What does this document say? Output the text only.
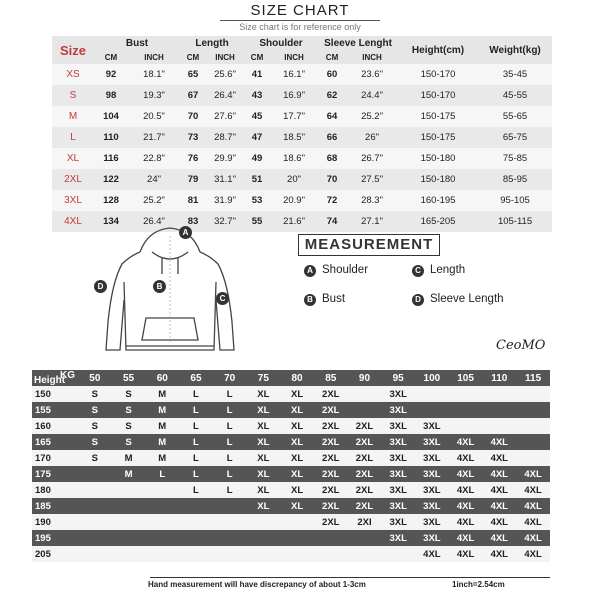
SIZE CHART
Size chart is for reference only
Size	Bust		Length		Shoulder		Sleeve Lenght		Height(cm)	Weight(kg)
	CM	INCH	CM	INCH	CM	INCH	CM	INCH		
XS	92	18.1"	65	25.6"	41	16.1"	60	23.6"	150-170	35-45
S	98	19.3"	67	26.4"	43	16.9"	62	24.4"	150-170	45-55
M	104	20.5"	70	27.6"	45	17.7"	64	25.2"	150-175	55-65
L	110	21.7"	73	28.7"	47	18.5"	66	26"	150-175	65-75
XL	116	22.8"	76	29.9"	49	18.6"	68	26.7"	150-180	75-85
2XL	122	24"	79	31.1"	51	20"	70	27.5"	150-180	85-95
3XL	128	25.2"	81	31.9"	53	20.9"	72	28.3"	160-195	95-105
4XL	134	26.4"	83	32.7"	55	21.6"	74	27.1"	165-205	105-115
A
B
C
D
MEASUREMENT
A Shoulder	C Length
B Bust	D Sleeve Length
CeoMO
KG
Height	50	55	60	65	70	75	80	85	90	95	100	105	110	115
150	S	S	M	L	L	XL	XL	2XL		3XL				
155	S	S	M	L	L	XL	XL	2XL		3XL				
160	S	S	M	L	L	XL	XL	2XL	2XL	3XL	3XL			
165	S	S	M	L	L	XL	XL	2XL	2XL	3XL	3XL	4XL	4XL	
170	S	M	M	L	L	XL	XL	2XL	2XL	3XL	3XL	4XL	4XL	
175		M	L	L	L	XL	XL	2XL	2XL	3XL	3XL	4XL	4XL	4XL
180				L	L	XL	XL	2XL	2XL	3XL	3XL	4XL	4XL	4XL
185						XL	XL	2XL	2XL	3XL	3XL	4XL	4XL	4XL
190								2XL	2XI	3XL	3XL	4XL	4XL	4XL
195										3XL	3XL	4XL	4XL	4XL
205											4XL	4XL	4XL	4XL
Hand measurement will have discrepancy of about 1-3cm	1inch=2.54cm
